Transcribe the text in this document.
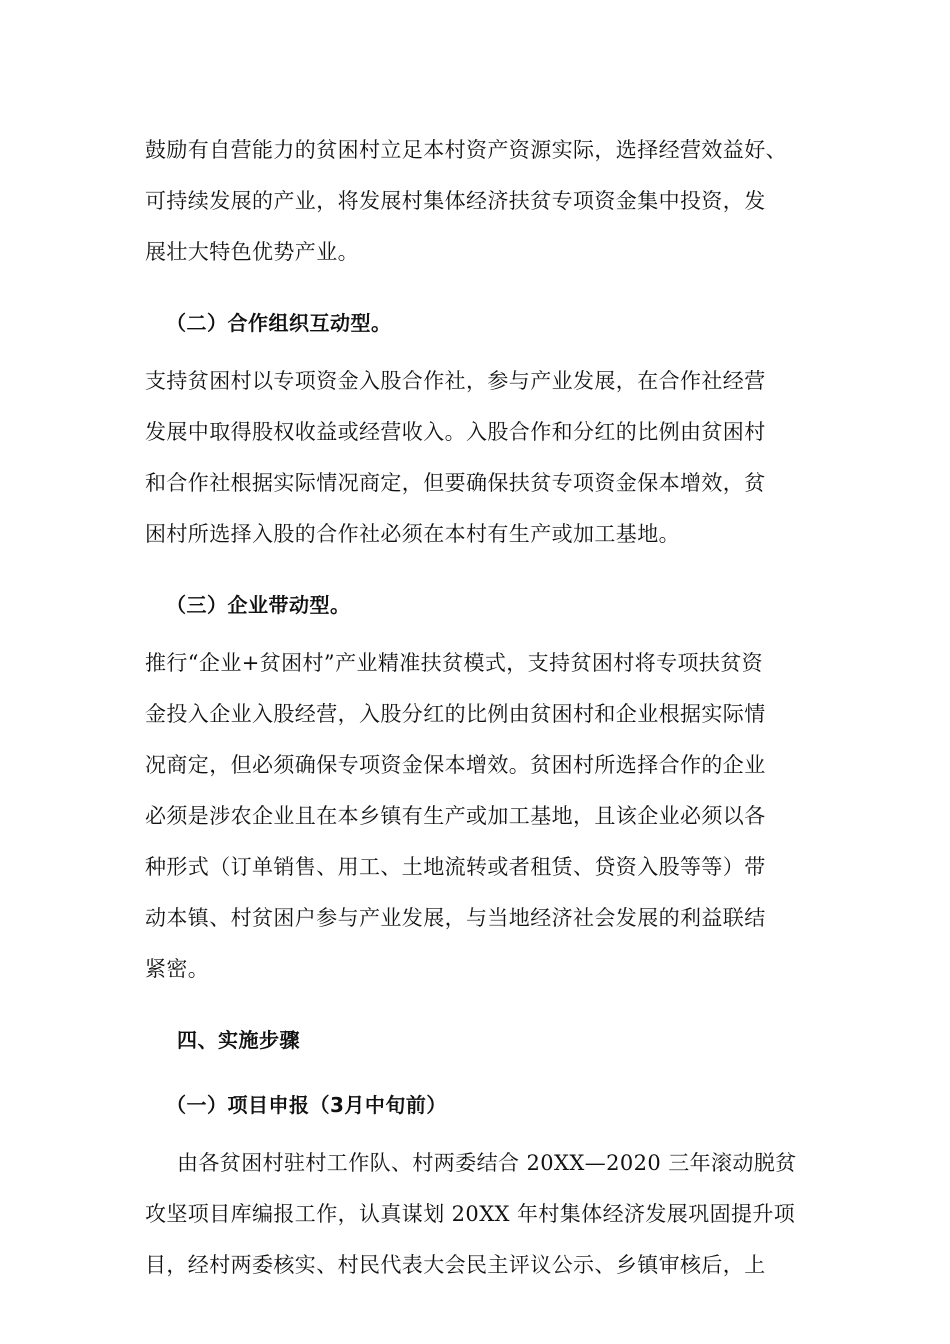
鼓励有自营能力的贫困村立足本村资产资源实际，选择经营效益好、
可持续发展的产业，将发展村集体经济扶贫专项资金集中投资，发
展壮大特色优势产业。
（二）合作组织互动型。
支持贫困村以专项资金入股合作社，参与产业发展，在合作社经营
发展中取得股权收益或经营收入。入股合作和分红的比例由贫困村
和合作社根据实际情况商定，但要确保扶贫专项资金保本增效，贫
困村所选择入股的合作社必须在本村有生产或加工基地。
（三）企业带动型。
推行“企业+贫困村”产业精准扶贫模式，支持贫困村将专项扶贫资
金投入企业入股经营，入股分红的比例由贫困村和企业根据实际情
况商定，但必须确保专项资金保本增效。贫困村所选择合作的企业
必须是涉农企业且在本乡镇有生产或加工基地，且该企业必须以各
种形式（订单销售、用工、土地流转或者租赁、贷资入股等等）带
动本镇、村贫困户参与产业发展，与当地经济社会发展的利益联结
紧密。
四、实施步骤
（一）项目申报（3月中旬前）
由各贫困村驻村工作队、村两委结合 20XX—2020 三年滚动脱贫
攻坚项目库编报工作，认真谋划 20XX 年村集体经济发展巩固提升项
目，经村两委核实、村民代表大会民主评议公示、乡镇审核后，上
